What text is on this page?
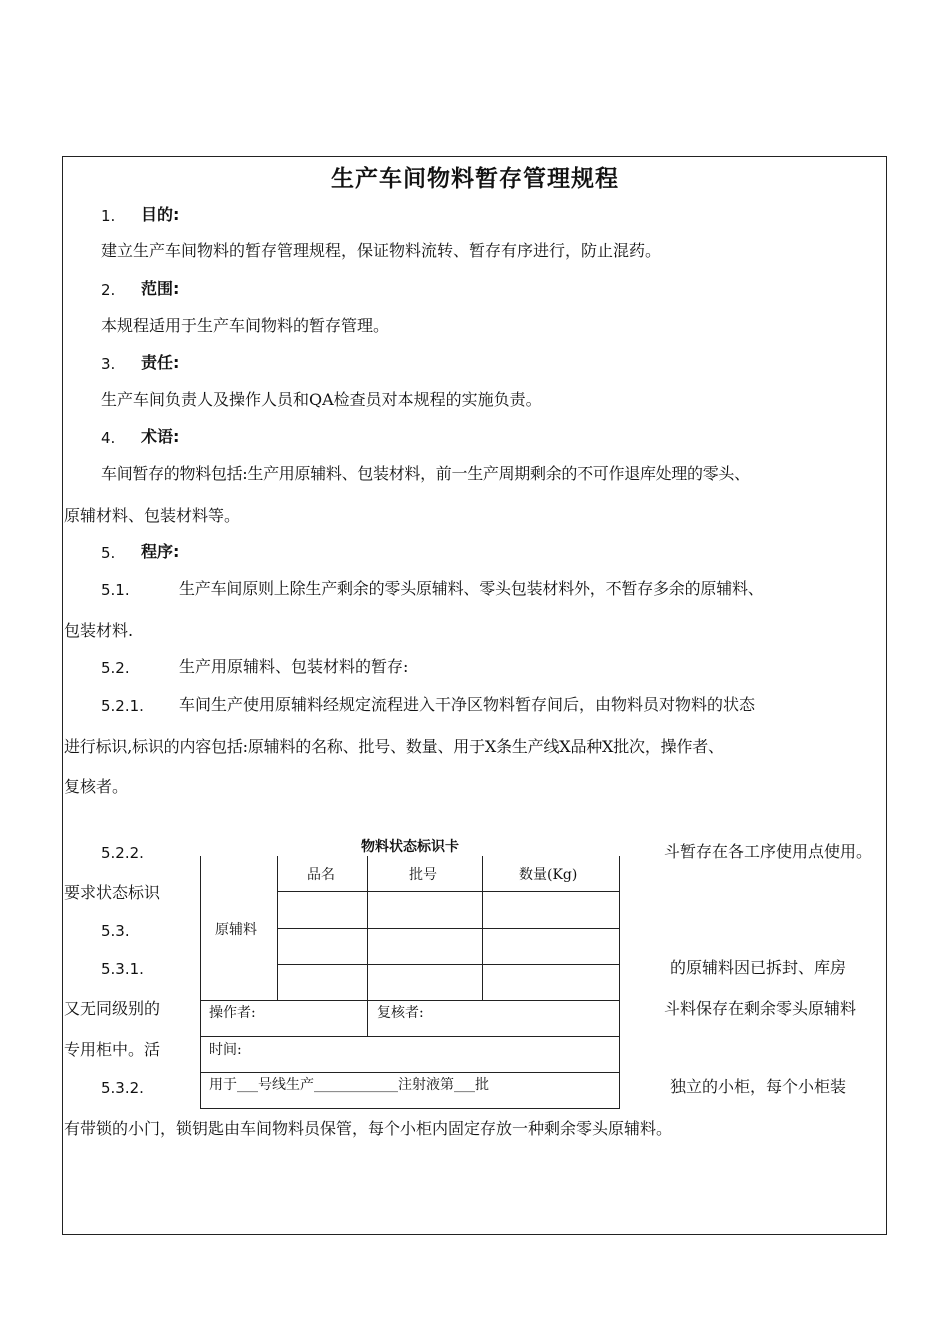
生产车间物料暂存管理规程
1. 目的:
建立生产车间物料的暂存管理规程，保证物料流转、暂存有序进行，防止混药。
2. 范围:
本规程适用于生产车间物料的暂存管理。
3. 责任:
生产车间负责人及操作人员和QA检查员对本规程的实施负责。
4. 术语:
车间暂存的物料包括:生产用原辅料、包装材料，前一生产周期剩余的不可作退库处理的零头、
原辅材料、包装材料等。
5. 程序:
5.1.	生产车间原则上除生产剩余的零头原辅料、零头包装材料外，不暂存多余的原辅料、
包装材料.
5.2.	生产用原辅料、包装材料的暂存:
5.2.1. 车间生产使用原辅料经规定流程进入干净区物料暂存间后，由物料员对物料的状态
进行标识,标识的内容包括:原辅料的名称、批号、数量、用于X条生产线X品种X批次，操作者、
复核者。
5.2.2.	斗暂存在各工序使用点使用。
要求状态标识
5.3.
5.3.1.	的原辅料因已拆封、库房
又无同级别的	斗料保存在剩余零头原辅料
专用柜中。活
5.3.2.	独立的小柜，每个小柜装
有带锁的小门，锁钥匙由车间物料员保管，每个小柜内固定存放一种剩余零头原辅料。
品名	批号	数量(Kg)
原辅料
操作者:	复核者:
时间:
用于___号线生产____________注射液第___批
物料状态标识卡
